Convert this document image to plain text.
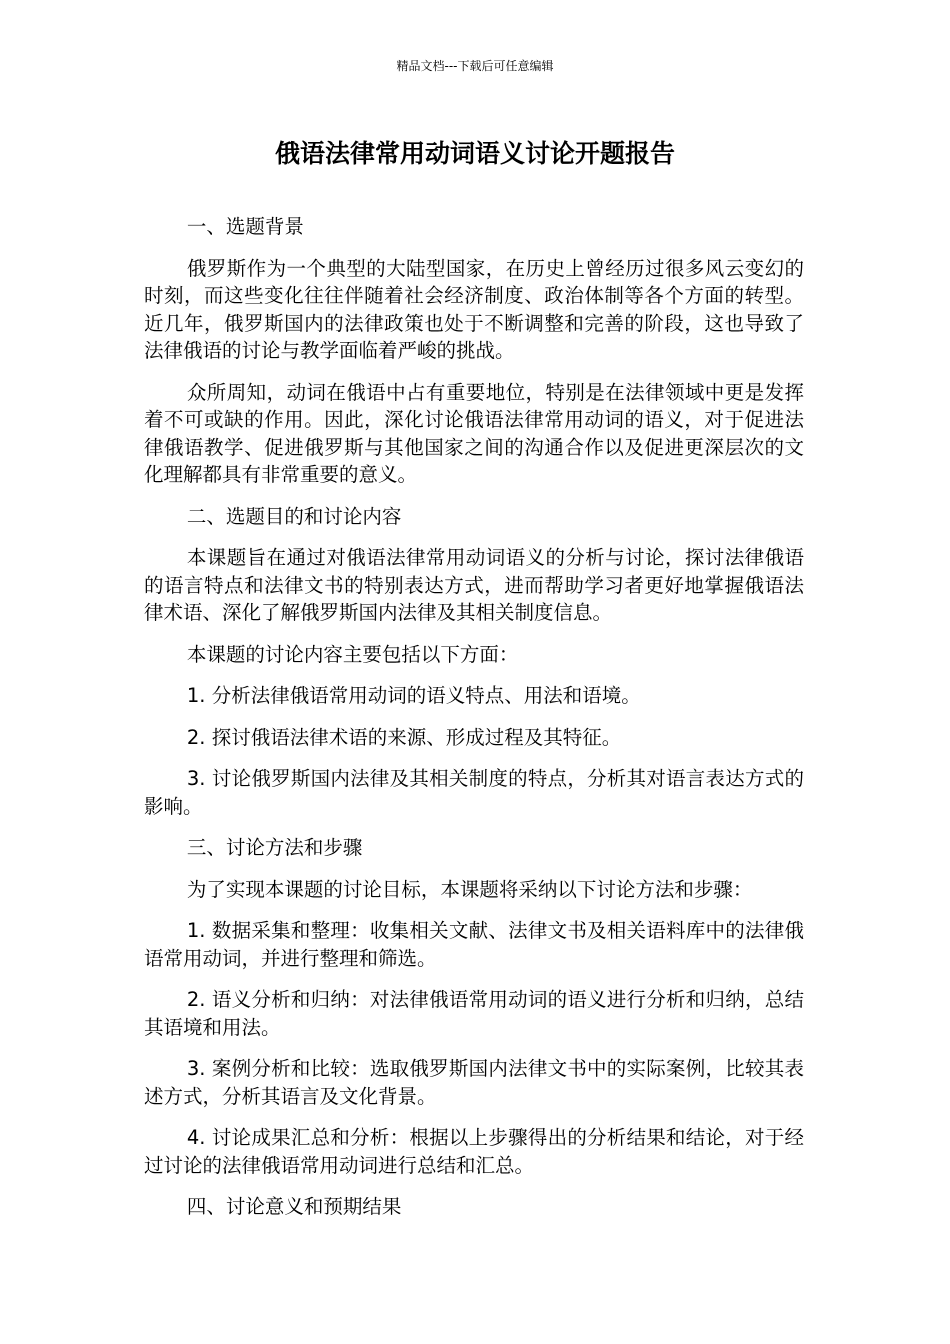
精品文档---下载后可任意编辑
俄语法律常用动词语义讨论开题报告

一、选题背景

俄罗斯作为一个典型的大陆型国家，在历史上曾经历过很多风云变幻的时刻，而这些变化往往伴随着社会经济制度、政治体制等各个方面的转型。近几年，俄罗斯国内的法律政策也处于不断调整和完善的阶段，这也导致了法律俄语的讨论与教学面临着严峻的挑战。

众所周知，动词在俄语中占有重要地位，特别是在法律领域中更是发挥着不可或缺的作用。因此，深化讨论俄语法律常用动词的语义，对于促进法律俄语教学、促进俄罗斯与其他国家之间的沟通合作以及促进更深层次的文化理解都具有非常重要的意义。

二、选题目的和讨论内容

本课题旨在通过对俄语法律常用动词语义的分析与讨论，探讨法律俄语的语言特点和法律文书的特别表达方式，进而帮助学习者更好地掌握俄语法律术语、深化了解俄罗斯国内法律及其相关制度信息。

本课题的讨论内容主要包括以下方面：

1. 分析法律俄语常用动词的语义特点、用法和语境。

2. 探讨俄语法律术语的来源、形成过程及其特征。

3. 讨论俄罗斯国内法律及其相关制度的特点，分析其对语言表达方式的影响。

三、讨论方法和步骤

为了实现本课题的讨论目标，本课题将采纳以下讨论方法和步骤：

1. 数据采集和整理：收集相关文献、法律文书及相关语料库中的法律俄语常用动词，并进行整理和筛选。

2. 语义分析和归纳：对法律俄语常用动词的语义进行分析和归纳，总结其语境和用法。

3. 案例分析和比较：选取俄罗斯国内法律文书中的实际案例，比较其表述方式，分析其语言及文化背景。

4. 讨论成果汇总和分析：根据以上步骤得出的分析结果和结论，对于经过讨论的法律俄语常用动词进行总结和汇总。

四、讨论意义和预期结果
